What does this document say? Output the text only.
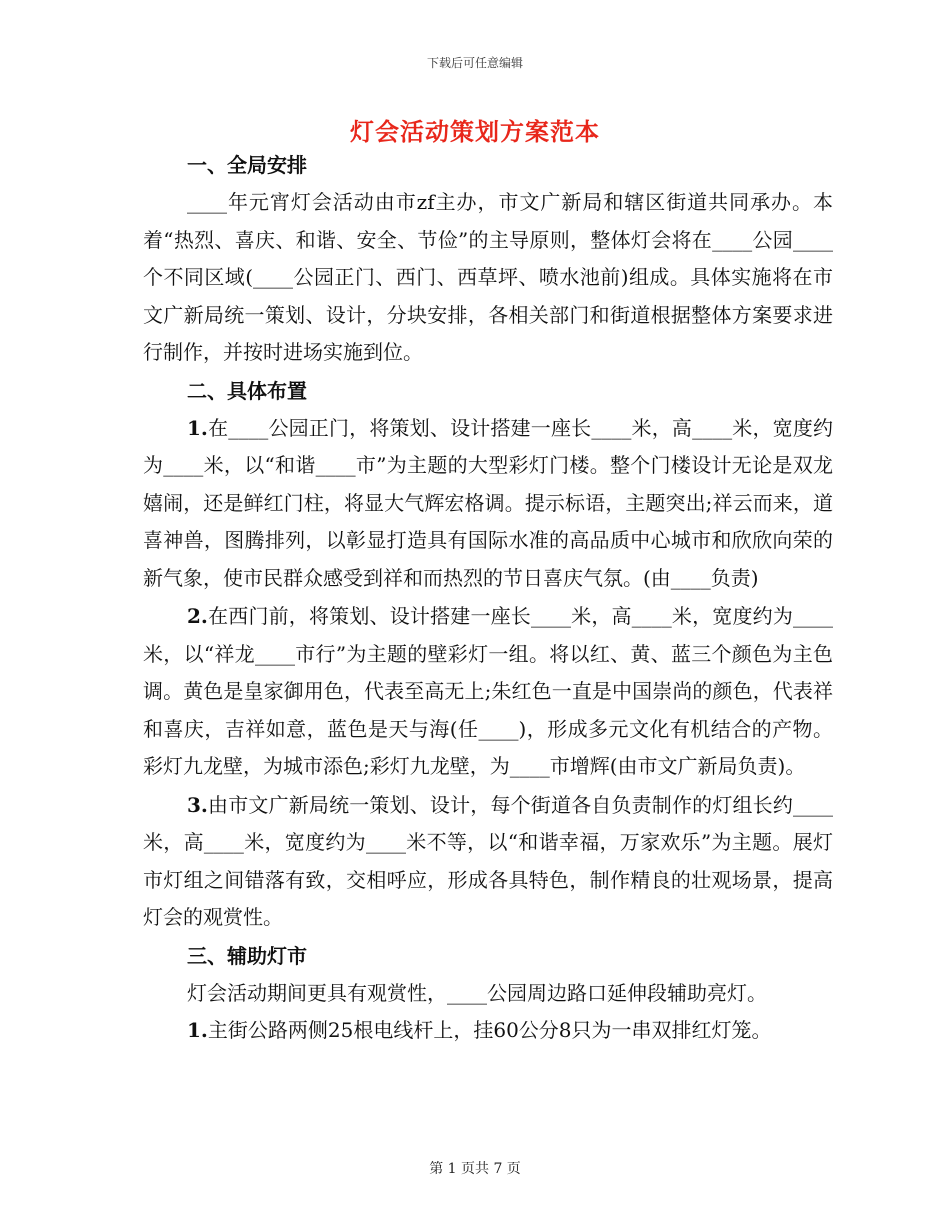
下载后可任意编辑
灯会活动策划方案范本

一、全局安排

____年元宵灯会活动由市zf主办，市文广新局和辖区街道共同承办。本着“热烈、喜庆、和谐、安全、节俭”的主导原则，整体灯会将在____公园____个不同区域(____公园正门、西门、西草坪、喷水池前)组成。具体实施将在市文广新局统一策划、设计，分块安排，各相关部门和街道根据整体方案要求进行制作，并按时进场实施到位。

二、具体布置

1.在____公园正门，将策划、设计搭建一座长____米，高____米，宽度约为____米，以“和谐____市”为主题的大型彩灯门楼。整个门楼设计无论是双龙嬉闹，还是鲜红门柱，将显大气辉宏格调。提示标语，主题突出;祥云而来，道喜神兽，图腾排列，以彰显打造具有国际水准的高品质中心城市和欣欣向荣的新气象，使市民群众感受到祥和而热烈的节日喜庆气氛。(由____负责)

2.在西门前，将策划、设计搭建一座长____米，高____米，宽度约为____米，以“祥龙____市行”为主题的壁彩灯一组。将以红、黄、蓝三个颜色为主色调。黄色是皇家御用色，代表至高无上;朱红色一直是中国崇尚的颜色，代表祥和喜庆，吉祥如意，蓝色是天与海(任____)，形成多元文化有机结合的产物。彩灯九龙壁，为城市添色;彩灯九龙壁，为____市增辉(由市文广新局负责)。

3.由市文广新局统一策划、设计，每个街道各自负责制作的灯组长约____米，高____米，宽度约为____米不等，以“和谐幸福，万家欢乐”为主题。展灯市灯组之间错落有致，交相呼应，形成各具特色，制作精良的壮观场景，提高灯会的观赏性。

三、辅助灯市

灯会活动期间更具有观赏性，____公园周边路口延伸段辅助亮灯。

1.主街公路两侧25根电线杆上，挂60公分8只为一串双排红灯笼。

第 1 页共 7 页
